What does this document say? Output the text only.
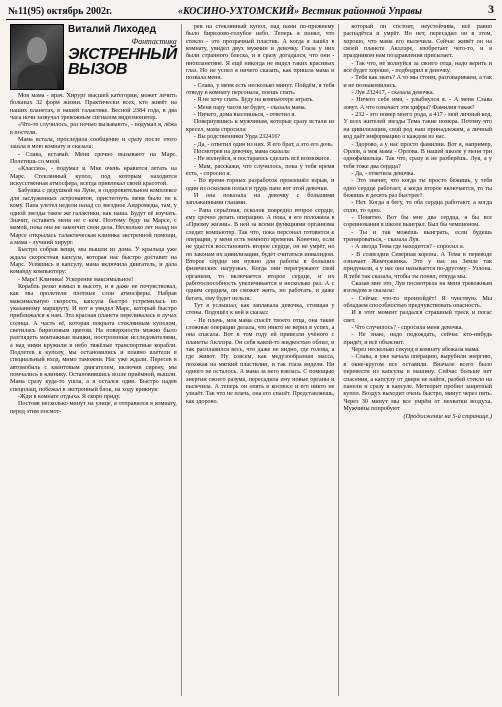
№11(95) октябрь 2002г.	«КОСИНО-УХТОМСКИЙ» Вестник районной Управы	3
Виталий Лиходед
Фантастика
ЭКСТРЕННЫЙ ВЫЗОВ

Моя мама - врач. Хирург высшей категории, может лечить больных 32 форм жизни. Практически всех, кто живёт на наших планетах, в нашей галактике. Весной 2384 года, в два часа ночи зазвучал тревожным сигналом видеомонитор.

«Что-то случилось, раз ночью вызывают», - подумал я, лёжа в постели.

Мама встала, проследила сообщение и сразу после этого зашла в мою комнату и сказала:

- Слава, вставай. Меня срочно вызывают на Марс. Полетишь со мной.

«Классно», - подумал я. Мне очень нравится летать на Марс. Стеклянный купол, под которым находится искусственная атмосфера, всегда привлекал своей красотой.

Бабушка с дедушкой на Луне, в оздоровительном комплексе для заслуженных астронавтов, пристегнуть меня было не к кому. Папа улетел недели назад со звездное Андромеды, там, у одной звезды такое же галактики, как наша. Будут её изучать. Значит, оставить меня не с кем. Поэтому буду на Марсе, с мамой, пока она не закончит свои дела. Несколько лет назад на Марсе открылась галактическая клиника экстренной помощи, а мама - лучший хирург.

Быстро собрав вещи, мы вышли из дома. У крыльца уже ждала скоростная капсула, которая нас быстро доставит на Марс. Усевшись в капсулу, мама включила двигатель, и дала команду компьютеру:

- Марс! Клиника! Ускорение максимальное!

Корабль резко взмыл в высоту, и я даже не почувствовал, как мы пролетели плотные слои атмосферы. Набрав максимальную скорость, капсула быстро устремилась по указанному маршруту. И вот я увидел Марс, который быстро приближался к нам. Эта красная планета переливалась в лучах солнца. А часть её, которая покрыта стеклянным куполом, светилась бирюзовым цветом. На поверхности можно было разглядеть монтажные вышки, построенные исследователями, а над ними кружили в небо тяжёлые транспортные корабли. Подлетев к куполу, мы остановились и плавно влетели в специальный вход, мимо таможни. Нас уже ждали. Пересев в автомобиль с квантовым двигателем, включив сирену, мы помчались в клинику. Остановившись возле приёмной, вышли. Мама сразу куда-то ушла, а я остался один. Быстро надев спецплащ, побежал в экстренный блок, на ходу крикнув:

-Жди в комнате отдыха. Я скоро приду.

Постояв несколько минут на улице, я отправился в комнату, перед этим посмот-

рев на стеклянный купол, над нами по-прежнему было бирюзово-голубое небо. Теперь я понял, что стекло - это прозрачный пластик. А когда я зашёл в комнату, увидел двух мужчин и девочку. Глаза у них были странного блеска, и я сразу догадался, что они - инопланетяне. Я ещё никогда не видел таких красивых глаз. Но не успел я ничего сказать, как пришла мама и позвала меня.

- Слава, у меня есть несколько минут. Пойдём, я тебя отведу в комнату персонала, поешь спать.

- Я не хочу спать. Буду на компьютере играть.

- Меня пару часов не будет, - сказала мама.

- Ничего, дома выспишься, - ответил я.

Повернувшись к мужчинам, которые сразу встали из кресел, мама спросила:

- Вы родственники Урда 232416?

- Да, - ответил один из них. Я его брат, а это его дочь.

Посмотрев на девочку, мама сказала:

- Не волнуйся, я постараюсь сделать всё возможное.

- Мам, расскажи, что случилось, пока у тебя время есть, - спросил я.

- Во время горных разработок произошёл взрыв, и один из осколков попал в грудь папе вот этой девочки.

И она показала на девочку с большими заплаканными глазами.

- Рана серьёзная, осколок повредил второе сердце, ему срочно делать операцию. А пока, я его положила в «Призму жизни». В ней за всеми функциями организма следит компьютер. Так что, пока персонал готовится к операции, у меня есть немного времени. Конечно, если не удастся восстановить второе сердце, он не умрёт, но по законам их цивилизации, будет считаться инвалидом. Второе сердце им нужно для работы в больших физических нагрузках. Когда они перегружают свой организм, то включается второе сердце, и их работоспособность увеличивается в несколько раз. А с одним сердцем, он сможет жить, но работать, и даже бегать, ему будет нельзя.

Тут я услышал, как заплакала девочка, стоящая у стены. Подошёл к ней и сказал:

- Не плачь, моя мама спасёт твоего отца, она такие сложные операции делала, что никто не верил в успех, а она спасала. Вот в том году ей привезли учёного с планеты Акллэра. Он себя какой-то жидкостью облил, и так расплавился весь, что даже не видно, где голова, а где живот. Ну совсем, как медузообразная масса, похожая на мягкий пластилин, и так глаза видели. Ни одного не осталось. А мама за него взялась. С помощью энергии своего разума, пересадила ему новые органы и вылечила. А теперь он опять в космосе и его никто не узнаёт. Так что не плачь, она его спасёт. Представляешь, как здорово.

который он состоит, неустойчива, всё равно распадётся и умрёт. Но нет, пересадил он в этом, хорошо, что мама его вылечила. Сейчас живёт он на своей планете Акллэре, изобретает чего-то, и я праздником нам поздравления присылает.

- Так что, не волнуйся за своего отца, надо верить и всё будет хорошо, - подбодрил я девочку.

- Тебя как звать? А то мы стоим, разговариваем, а так и не познакомились.

- Луя 232417, - сказала девочка.

- Ничего себе имя, - улыбнулся я. - А меня Слава зовут. А что означает эти цифры? Фамилия такая?

- 232 - это номер моего рода, а 417 - мой личный код. У всех жителей звезды Тема такие номера. Потому что на цивилизации, свой род наш принадлежим, а личный код даёт информацию о каждом из нас.

- Здорово, а у нас просто фамилии. Вот я, например, Орлов, а моя мама - Орлова. В нашей школе у меня три однофамильца. Так что, сразу и не разберёшь. Луя, а у тебя тоже два сердца?

- Да, - ответила девочка.

- Это значит, что когда ты просто бежишь, у тебя одно сердце работает, а когда второе включается, то ты бежишь в десять раз быстрее?

- Нет. Когда я бегу, то оба сердца работают, а когда сплю, то одно.

- Понятно. Вот бы мне два сердца, я бы все соревнования в школе выиграл. Был бы чемпионом.

- Ты и так можешь выиграть, если будешь тренироваться, - сказала Луя.

- А звезда Тема где находится? - спросил я.

- В созвездии Северная корона. А Тема в переводе означает Жемчужинка. Это у нас на Земле так придумали, а у нас она называется по-другому - Узлона. Я тебе так сказала, чтобы ты понял, откуда мы.

Сказав мне это, Луя посмотрела на меня тревожным взглядом и сказала:

- Сейчас что-то произойдёт! Я чувствую. Мы обладаем способностью предчувствовать опасность.

И в этот момент раздался страшный треск и погас свет.

- Что случилось? - спросила меня девочка.

- Не знаю, надо подождать, сейчас кто-нибудь придёт, и всё объяснит.

Через несколько секунд в комнату вбежала мама.

- Слава, я уже начала операцию, вырубили энергию, в окне-кругом все оставили. Вначале всего было перевести из капсулы в машину. Сейчас больше нет спасения, а капсулу от двери не найти, разбей стекло на панели и сразу в капсуле. Метеорит пробил защитный купол. Воздух выходит очень быстро, минут через пять. Через 30 минут мы все умрём от нехватки воздуха. Мужчины попробуют

(Продолжение на 5-й странице.)
